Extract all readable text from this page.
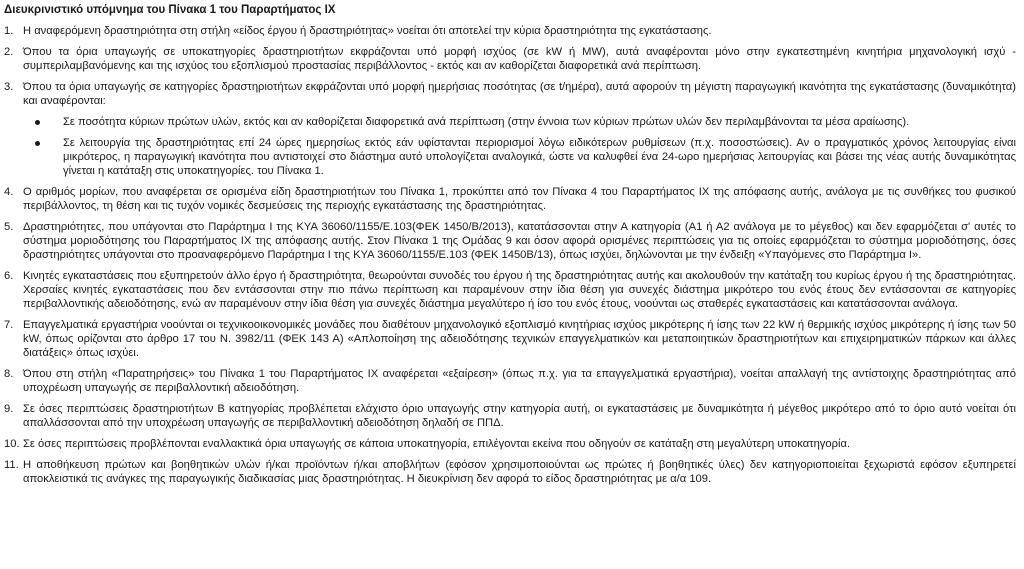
Διευκρινιστικό υπόμνημα του Πίνακα 1 του Παραρτήματος ΙΧ
1. Η αναφερόμενη δραστηριότητα στη στήλη «είδος έργου ή δραστηριότητας» νοείται ότι αποτελεί την κύρια δραστηριότητα της εγκατάστασης.
2. Όπου τα όρια υπαγωγής σε υποκατηγορίες δραστηριοτήτων εκφράζονται υπό μορφή ισχύος (σε kW ή MW), αυτά αναφέρονται μόνο στην εγκατεστημένη κινητήρια μηχανολογική ισχύ - συμπεριλαμβανόμενης και της ισχύος του εξοπλισμού προστασίας περιβάλλοντος - εκτός και αν καθορίζεται διαφορετικά ανά περίπτωση.
3. Όπου τα όρια υπαγωγής σε κατηγορίες δραστηριοτήτων εκφράζονται υπό μορφή ημερήσιας ποσότητας (σε t/ημέρα), αυτά αφορούν τη μέγιστη παραγωγική ικανότητα της εγκατάστασης (δυναμικότητα) και αναφέρονται:
Σε ποσότητα κύριων πρώτων υλών, εκτός και αν καθορίζεται διαφορετικά ανά περίπτωση (στην έννοια των κύριων πρώτων υλών δεν περιλαμβάνονται τα μέσα αραίωσης).
Σε λειτουργία της δραστηριότητας επί 24 ώρες ημερησίως εκτός εάν υφίστανται περιορισμοί λόγω ειδικότερων ρυθμίσεων (π.χ. ποσοστώσεις). Αν ο πραγματικός χρόνος λειτουργίας είναι μικρότερος, η παραγωγική ικανότητα που αντιστοιχεί στο διάστημα αυτό υπολογίζεται αναλογικά, ώστε να καλυφθεί ένα 24-ωρο ημερήσιας λειτουργίας και βάσει της νέας αυτής δυναμικότητας γίνεται η κατάταξη στις υποκατηγορίες. του Πίνακα 1.
4. Ο αριθμός μορίων, που αναφέρεται σε ορισμένα είδη δραστηριοτήτων του Πίνακα 1, προκύπτει από τον Πίνακα 4 του Παραρτήματος ΙΧ της απόφασης αυτής, ανάλογα με τις συνθήκες του φυσικού περιβάλλοντος, τη θέση και τις τυχόν νομικές δεσμεύσεις της περιοχής εγκατάστασης της δραστηριότητας.
5. Δραστηριότητες, που υπάγονται στο Παράρτημα Ι της ΚΥΑ 36060/1155/Ε.103(ΦΕΚ 1450/Β/2013), κατατάσσονται στην Α κατηγορία (Α1 ή Α2 ανάλογα με το μέγεθος) και δεν εφαρμόζεται σ' αυτές το σύστημα μοριοδότησης του Παραρτήματος ΙΧ της απόφασης αυτής. Στον Πίνακα 1 της Ομάδας 9 και όσον αφορά ορισμένες περιπτώσεις για τις οποίες εφαρμόζεται το σύστημα μοριοδότησης, όσες δραστηριότητες υπάγονται στο προαναφερόμενο Παράρτημα Ι της ΚΥΑ 36060/1155/Ε.103 (ΦΕΚ 1450Β/13), όπως ισχύει, δηλώνονται με την ένδειξη «Υπαγόμενες στο Παράρτημα Ι».
6. Κινητές εγκαταστάσεις που εξυπηρετούν άλλο έργο ή δραστηριότητα, θεωρούνται συνοδές του έργου ή της δραστηριότητας αυτής και ακολουθούν την κατάταξη του κυρίως έργου ή της δραστηριότητας. Χερσαίες κινητές εγκαταστάσεις που δεν εντάσσονται στην πιο πάνω περίπτωση και παραμένουν στην ίδια θέση για συνεχές διάστημα μικρότερο του ενός έτους δεν εντάσσονται σε κατηγορίες περιβαλλοντικής αδειοδότησης, ενώ αν παραμένουν στην ίδια θέση για συνεχές διάστημα μεγαλύτερο ή ίσο του ενός έτους, νοούνται ως σταθερές εγκαταστάσεις και κατατάσσονται ανάλογα.
7. Επαγγελματικά εργαστήρια νοούνται οι τεχνικοοικονομικές μονάδες που διαθέτουν μηχανολογικό εξοπλισμό κινητήριας ισχύος μικρότερης ή ίσης των 22 kW ή θερμικής ισχύος μικρότερης ή ίσης των 50 kW, όπως ορίζονται στο άρθρο 17 του Ν. 3982/11 (ΦΕΚ 143 Α) «Απλοποίηση της αδειοδότησης τεχνικών επαγγελματικών και μεταποιητικών δραστηριοτήτων και επιχειρηματικών πάρκων και άλλες διατάξεις» όπως ισχύει.
8. Όπου στη στήλη «Παρατηρήσεις» του Πίνακα 1 του Παραρτήματος ΙΧ αναφέρεται «εξαίρεση» (όπως π.χ. για τα επαγγελματικά εργαστήρια), νοείται απαλλαγή της αντίστοιχης δραστηριότητας από υποχρέωση υπαγωγής σε περιβαλλοντική αδειοδότηση.
9. Σε όσες περιπτώσεις δραστηριοτήτων Β κατηγορίας προβλέπεται ελάχιστο όριο υπαγωγής στην κατηγορία αυτή, οι εγκαταστάσεις με δυναμικότητα ή μέγεθος μικρότερο από το όριο αυτό νοείται ότι απαλλάσσονται από την υποχρέωση υπαγωγής σε περιβαλλοντική αδειοδότηση δηλαδή σε ΠΠΔ.
10. Σε όσες περιπτώσεις προβλέπονται εναλλακτικά όρια υπαγωγής σε κάποια υποκατηγορία, επιλέγονται εκείνα που οδηγούν σε κατάταξη στη μεγαλύτερη υποκατηγορία.
11. Η αποθήκευση πρώτων και βοηθητικών υλών ή/και προϊόντων ή/και αποβλήτων (εφόσον χρησιμοποιούνται ως πρώτες ή βοηθητικές ύλες) δεν κατηγοριοποιείται ξεχωριστά εφόσον εξυπηρετεί αποκλειστικά τις ανάγκες της παραγωγικής διαδικασίας μιας δραστηριότητας. Η διευκρίνιση δεν αφορά το είδος δραστηριότητας με α/α 109.
